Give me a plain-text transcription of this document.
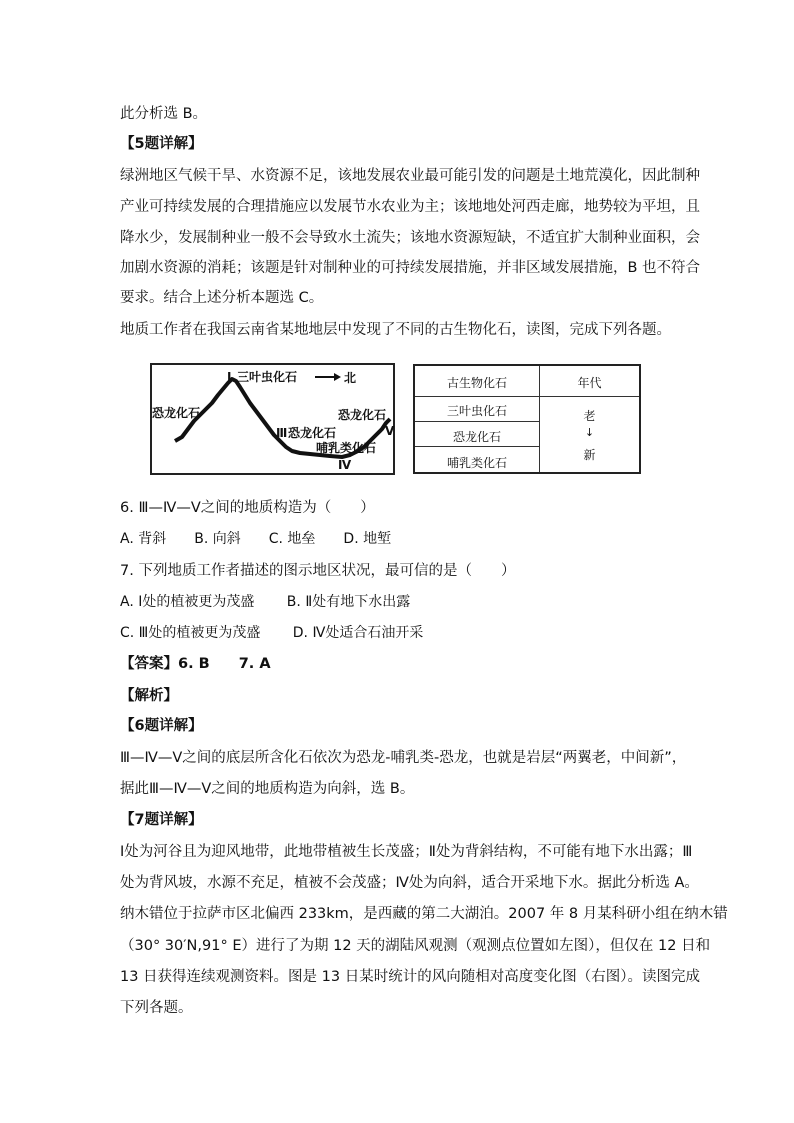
此分析选 B。
【5题详解】
绿洲地区气候干旱、水资源不足，该地发展农业最可能引发的问题是土地荒漠化，因此制种
产业可持续发展的合理措施应以发展节水农业为主；该地地处河西走廊，地势较为平坦，且
降水少，发展制种业一般不会导致水土流失；该地水资源短缺，不适宜扩大制种业面积，会
加剧水资源的消耗；该题是针对制种业的可持续发展措施，并非区域发展措施，B 也不符合
要求。结合上述分析本题选 C。
地质工作者在我国云南省某地地层中发现了不同的古生物化石，读图，完成下列各题。
Ⅰ 三叶虫化石	北
恐龙化石
Ⅲ 恐龙化石
恐龙化石
Ⅴ
哺乳类化石
Ⅳ
古生物化石	年代
三叶虫化石
恐龙化石
哺乳类化石
老
↓
新
6. Ⅲ—Ⅳ—Ⅴ之间的地质构造为（　　）
A. 背斜　　B. 向斜　　C. 地垒　　D. 地堑
7. 下列地质工作者描述的图示地区状况，最可信的是（　　）
A. Ⅰ处的植被更为茂盛　　 B. Ⅱ处有地下水出露
C. Ⅲ处的植被更为茂盛　　 D. Ⅳ处适合石油开采
【答案】6. B　　7. A
【解析】
【6题详解】
Ⅲ—Ⅳ—Ⅴ之间的底层所含化石依次为恐龙-哺乳类-恐龙，也就是岩层“两翼老，中间新”，
据此Ⅲ—Ⅳ—Ⅴ之间的地质构造为向斜，选 B。
【7题详解】
Ⅰ处为河谷且为迎风地带，此地带植被生长茂盛；Ⅱ处为背斜结构，不可能有地下水出露；Ⅲ
处为背风坡，水源不充足，植被不会茂盛；Ⅳ处为向斜，适合开采地下水。据此分析选 A。
纳木错位于拉萨市区北偏西 233km，是西藏的第二大湖泊。2007 年 8 月某科研小组在纳木错
（30° 30′N,91° E）进行了为期 12 天的湖陆风观测（观测点位置如左图），但仅在 12 日和
13 日获得连续观测资料。图是 13 日某时统计的风向随相对高度变化图（右图）。读图完成
下列各题。
